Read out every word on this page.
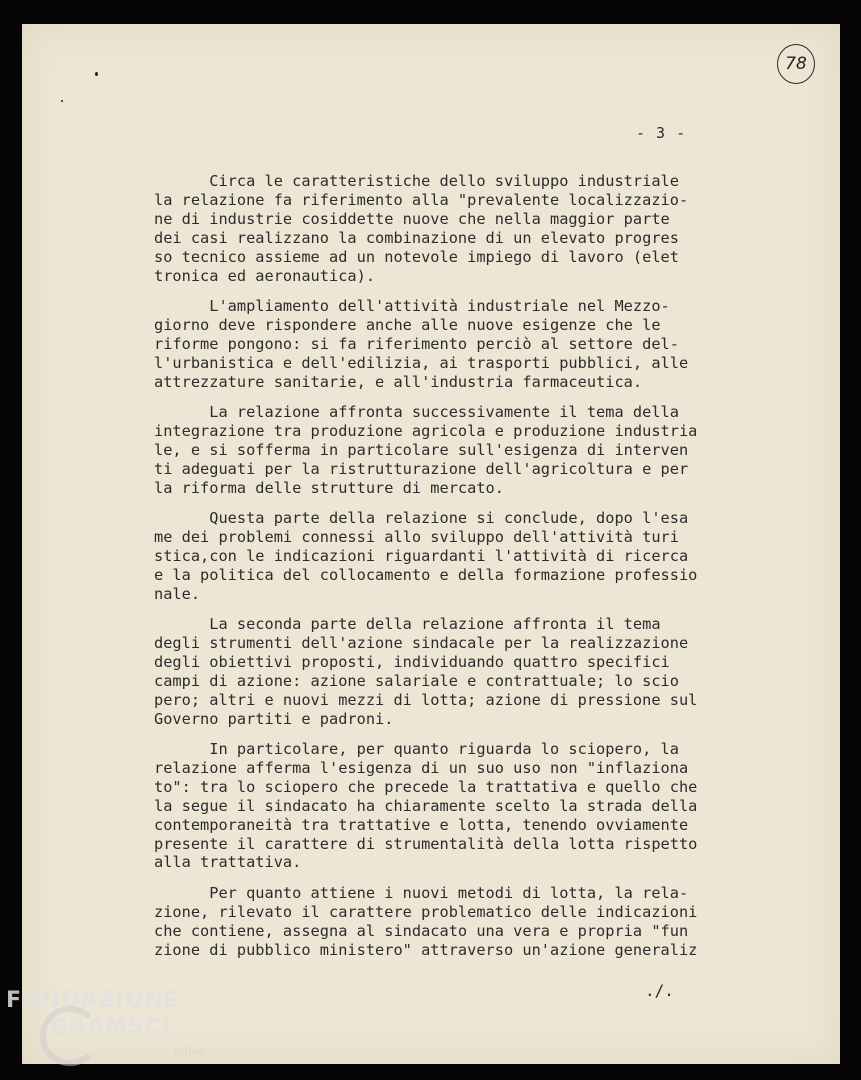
78
- 3 -
Circa le caratteristiche dello sviluppo industriale
la relazione fa riferimento alla "prevalente localizzazio-
ne di industrie cosiddette nuove che nella maggior parte
dei casi realizzano la combinazione di un elevato progres
so tecnico assieme ad un notevole impiego di lavoro (elet
tronica ed aeronautica).
L'ampliamento dell'attività industriale nel Mezzo-
giorno deve rispondere anche alle nuove esigenze che le
riforme pongono: si fa riferimento perciò al settore del-
l'urbanistica e dell'edilizia, ai trasporti pubblici, alle
attrezzature sanitarie, e all'industria farmaceutica.
La relazione affronta successivamente il tema della
integrazione tra produzione agricola e produzione industria
le, e si sofferma in particolare sull'esigenza di interven
ti adeguati per la ristrutturazione dell'agricoltura e per
la riforma delle strutture di mercato.
Questa parte della relazione si conclude, dopo l'esa
me dei problemi connessi allo sviluppo dell'attività turi
stica,con le indicazioni riguardanti l'attività di ricerca
e la politica del collocamento e della formazione professio
nale.
La seconda parte della relazione affronta il tema
degli strumenti dell'azione sindacale per la realizzazione
degli obiettivi proposti, individuando quattro specifici
campi di azione: azione salariale e contrattuale; lo scio
pero; altri e nuovi mezzi di lotta; azione di pressione sul
Governo partiti e padroni.
In particolare, per quanto riguarda lo sciopero, la
relazione afferma l'esigenza di un suo uso non "inflaziona
to": tra lo sciopero che precede la trattativa e quello che
la segue il sindacato ha chiaramente scelto la strada della
contemporaneità tra trattative e lotta, tenendo ovviamente
presente il carattere di strumentalità della lotta rispetto
alla trattativa.
Per quanto attiene i nuovi metodi di lotta, la rela-
zione, rilevato il carattere problematico delle indicazioni
che contiene, assegna al sindacato una vera e propria "fun
zione di pubblico ministero" attraverso un'azione generaliz
./.
FONDAZIONE
GRAMSCI
onlus
